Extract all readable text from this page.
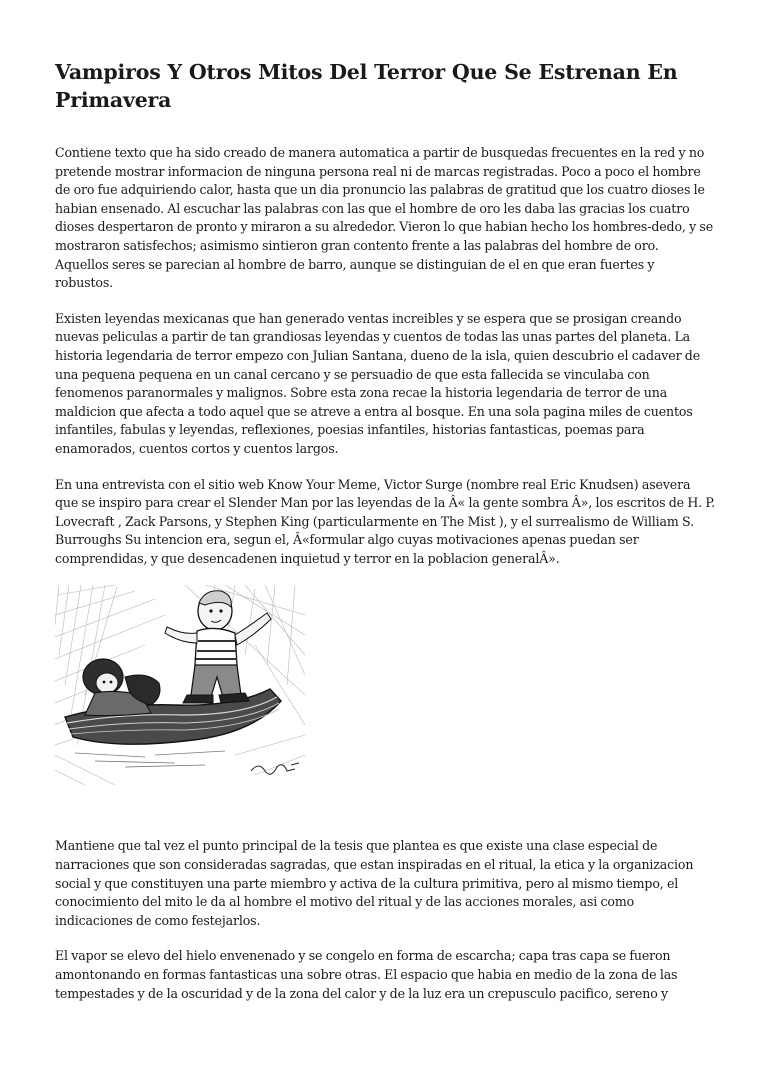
Vampiros Y Otros Mitos Del Terror Que Se Estrenan En Primavera

Contiene texto que ha sido creado de manera automatica a partir de busquedas frecuentes en la red y no pretende mostrar informacion de ninguna persona real ni de marcas registradas. Poco a poco el hombre de oro fue adquiriendo calor, hasta que un dia pronuncio las palabras de gratitud que los cuatro dioses le habian ensenado. Al escuchar las palabras con las que el hombre de oro les daba las gracias los cuatro dioses despertaron de pronto y miraron a su alrededor. Vieron lo que habian hecho los hombres-dedo, y se mostraron satisfechos; asimismo sintieron gran contento frente a las palabras del hombre de oro. Aquellos seres se parecian al hombre de barro, aunque se distinguian de el en que eran fuertes y robustos.

Existen leyendas mexicanas que han generado ventas increibles y se espera que se prosigan creando nuevas peliculas a partir de tan grandiosas leyendas y cuentos de todas las unas partes del planeta. La historia legendaria de terror empezo con Julian Santana, dueno de la isla, quien descubrio el cadaver de una pequena pequena en un canal cercano y se persuadio de que esta fallecida se vinculaba con fenomenos paranormales y malignos. Sobre esta zona recae la historia legendaria de terror de una maldicion que afecta a todo aquel que se atreve a entra al bosque. En una sola pagina miles de cuentos infantiles, fabulas y leyendas, reflexiones, poesias infantiles, historias fantasticas, poemas para enamorados, cuentos cortos y cuentos largos.

En una entrevista con el sitio web Know Your Meme, Victor Surge (nombre real Eric Knudsen) asevera que se inspiro para crear el Slender Man por las leyendas de la Â« la gente sombra Â», los escritos de H. P. Lovecraft , Zack Parsons, y Stephen King (particularmente en The Mist ), y el surrealismo de William S. Burroughs Su intencion era, segun el, Â«formular algo cuyas motivaciones apenas puedan ser comprendidas, y que desencadenen inquietud y terror en la poblacion generalÂ».

Mantiene que tal vez el punto principal de la tesis que plantea es que existe una clase especial de narraciones que son consideradas sagradas, que estan inspiradas en el ritual, la etica y la organizacion social y que constituyen una parte miembro y activa de la cultura primitiva, pero al mismo tiempo, el conocimiento del mito le da al hombre el motivo del ritual y de las acciones morales, asi como indicaciones de como festejarlos.

El vapor se elevo del hielo envenenado y se congelo en forma de escarcha; capa tras capa se fueron amontonando en formas fantasticas una sobre otras. El espacio que habia en medio de la zona de las tempestades y de la oscuridad y de la zona del calor y de la luz era un crepusculo pacifico, sereno y
